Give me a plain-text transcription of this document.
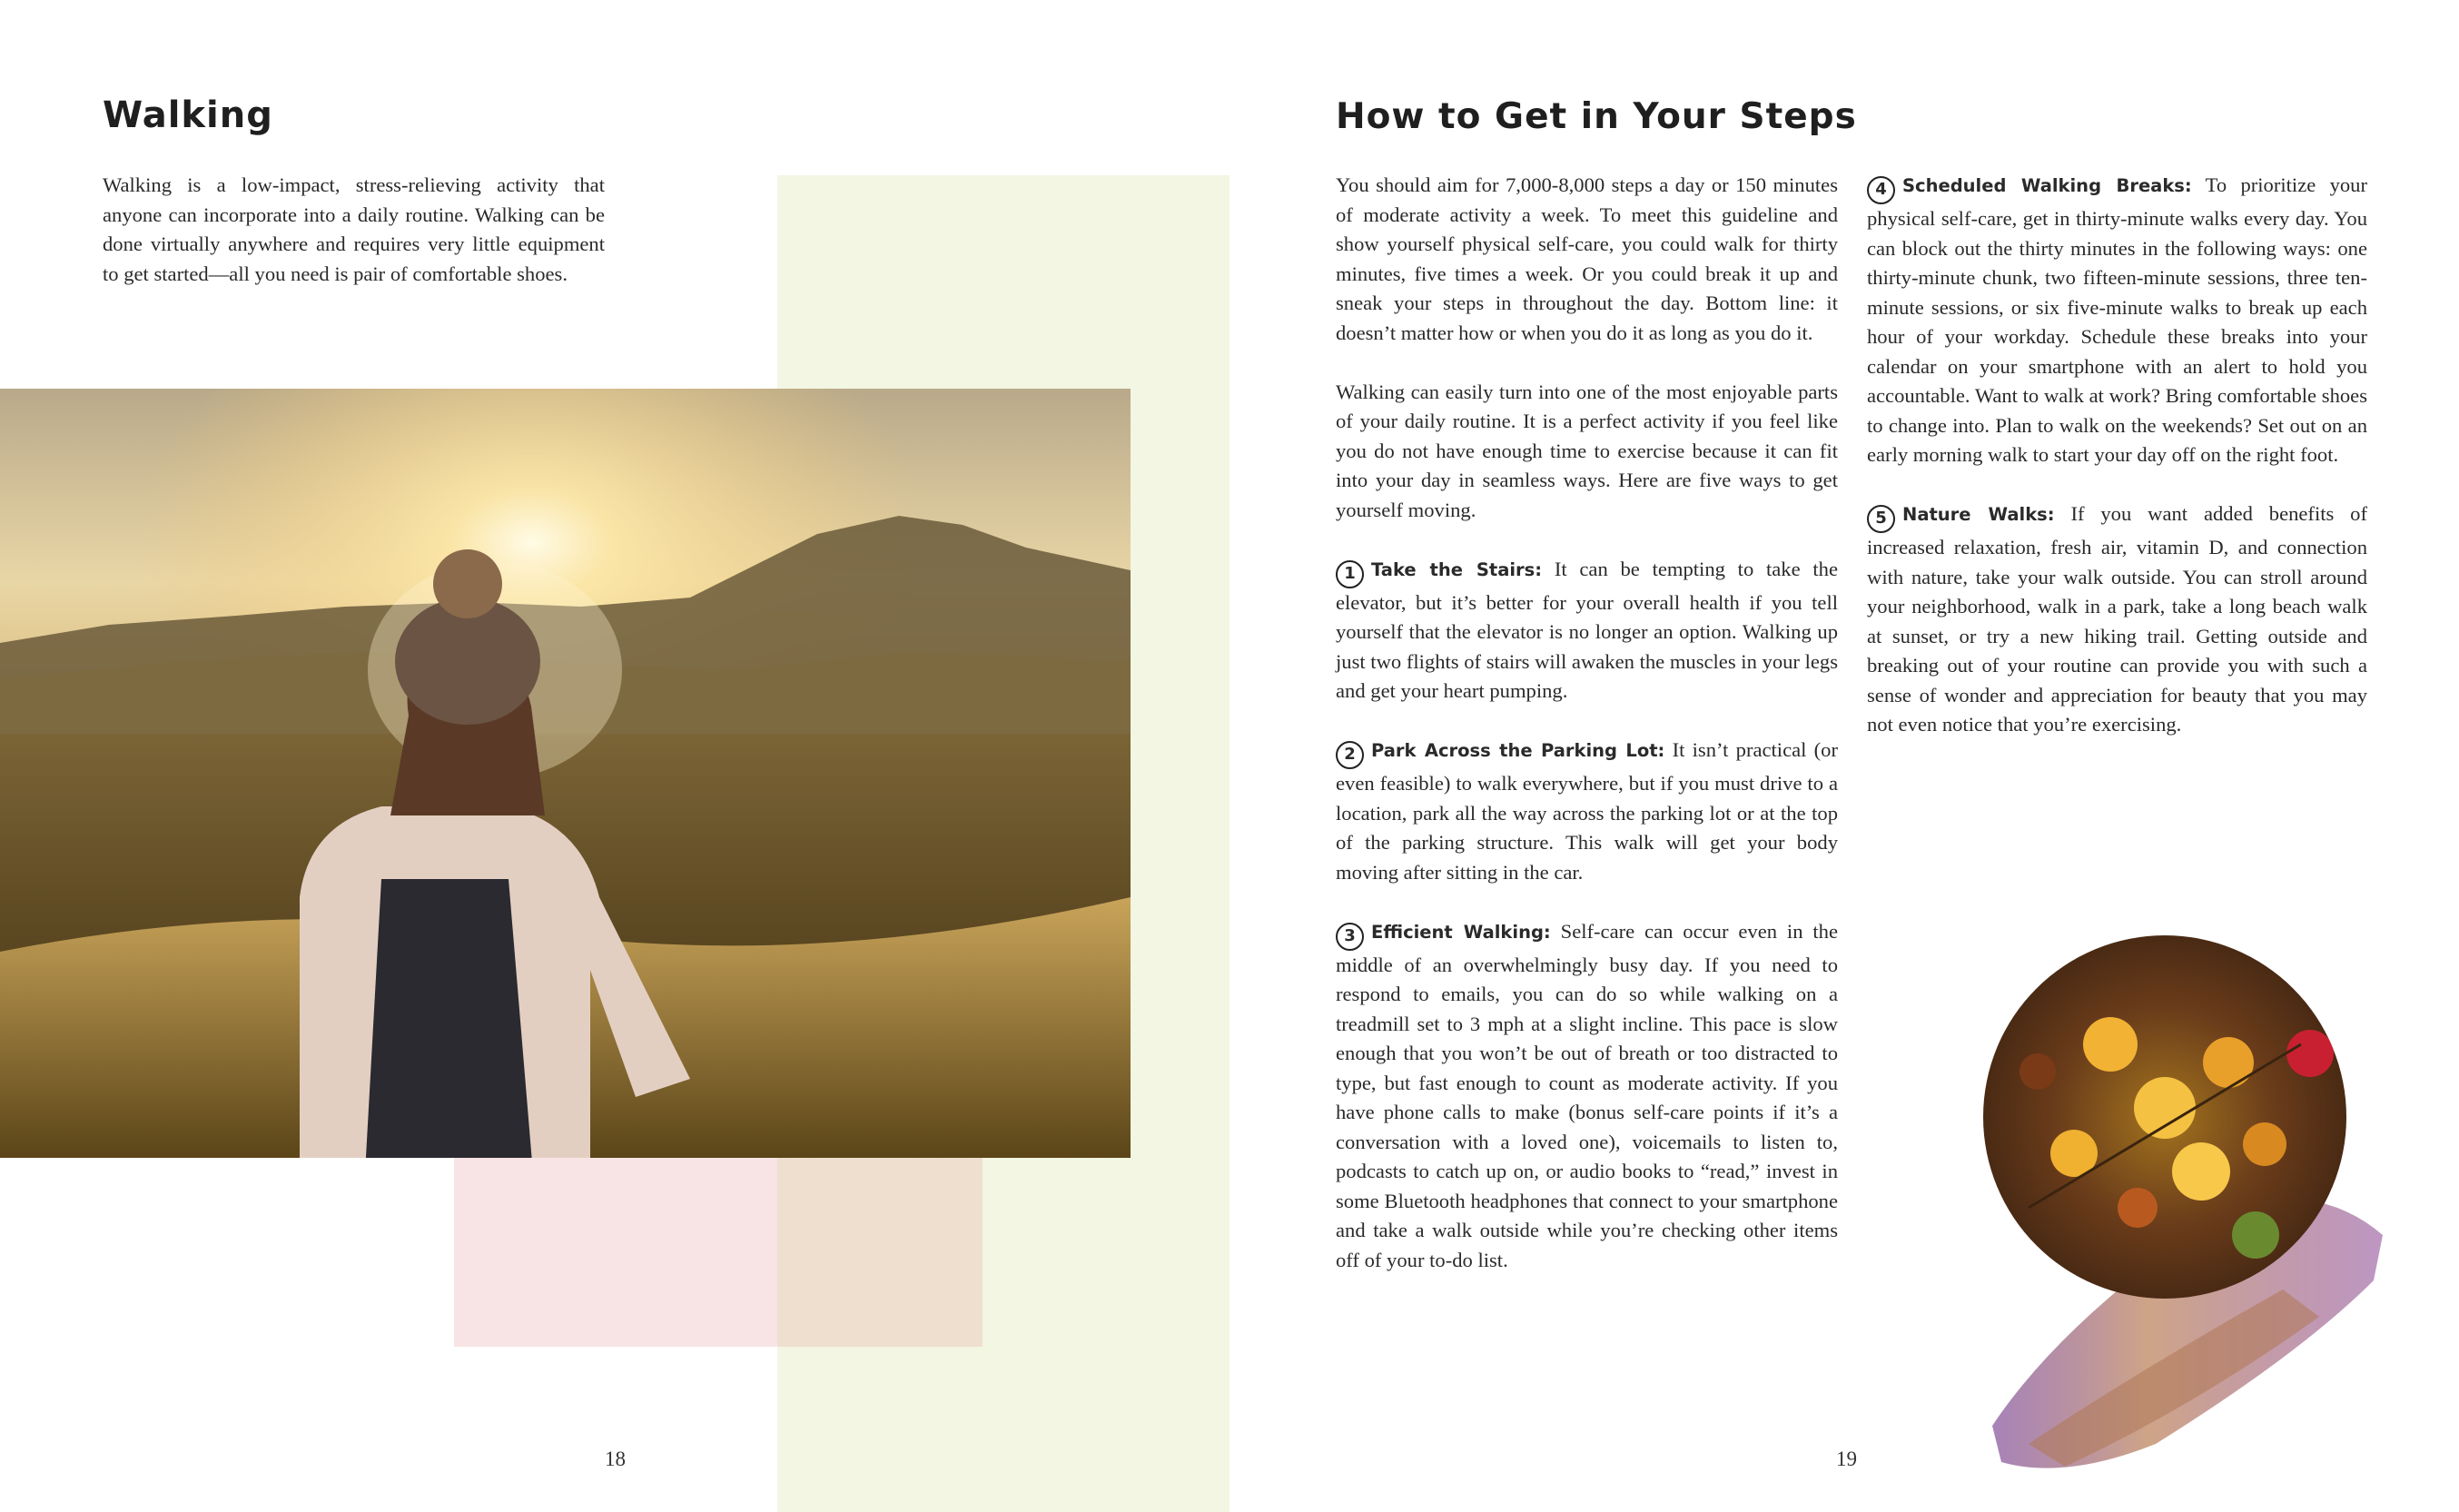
Walking

Walking is a low-impact, stress-relieving activity that anyone can incorporate into a daily routine. Walking can be done virtually anywhere and requires very little equipment to get started—all you need is pair of comfortable shoes.

18
How to Get in Your Steps

You should aim for 7,000-8,000 steps a day or 150 minutes of moderate activity a week. To meet this guideline and show yourself physical self-care, you could walk for thirty minutes, five times a week. Or you could break it up and sneak your steps in throughout the day. Bottom line: it doesn’t matter how or when you do it as long as you do it.

Walking can easily turn into one of the most enjoyable parts of your daily routine. It is a perfect activity if you feel like you do not have enough time to exercise because it can fit into your day in seamless ways. Here are five ways to get yourself moving.

1 Take the Stairs: It can be tempting to take the elevator, but it’s better for your overall health if you tell yourself that the elevator is no longer an option. Walking up just two flights of stairs will awaken the muscles in your legs and get your heart pumping.

2 Park Across the Parking Lot: It isn’t practical (or even feasible) to walk everywhere, but if you must drive to a location, park all the way across the parking lot or at the top of the parking structure. This walk will get your body moving after sitting in the car.

3 Efficient Walking: Self-care can occur even in the middle of an overwhelmingly busy day. If you need to respond to emails, you can do so while walking on a treadmill set to 3 mph at a slight incline. This pace is slow enough that you won’t be out of breath or too distracted to type, but fast enough to count as moderate activity. If you have phone calls to make (bonus self-care points if it’s a conversation with a loved one), voicemails to listen to, podcasts to catch up on, or audio books to “read,” invest in some Bluetooth headphones that connect to your smartphone and take a walk outside while you’re checking other items off of your to-do list.

4 Scheduled Walking Breaks: To prioritize your physical self-care, get in thirty-minute walks every day. You can block out the thirty minutes in the following ways: one thirty-minute chunk, two fifteen-minute sessions, three ten-minute sessions, or six five-minute walks to break up each hour of your workday. Schedule these breaks into your calendar on your smartphone with an alert to hold you accountable. Want to walk at work? Bring comfortable shoes to change into. Plan to walk on the weekends? Set out on an early morning walk to start your day off on the right foot.

5 Nature Walks: If you want added benefits of increased relaxation, fresh air, vitamin D, and connection with nature, take your walk outside. You can stroll around your neighborhood, walk in a park, take a long beach walk at sunset, or try a new hiking trail. Getting outside and breaking out of your routine can provide you with such a sense of wonder and appreciation for beauty that you may not even notice that you’re exercising.

19
